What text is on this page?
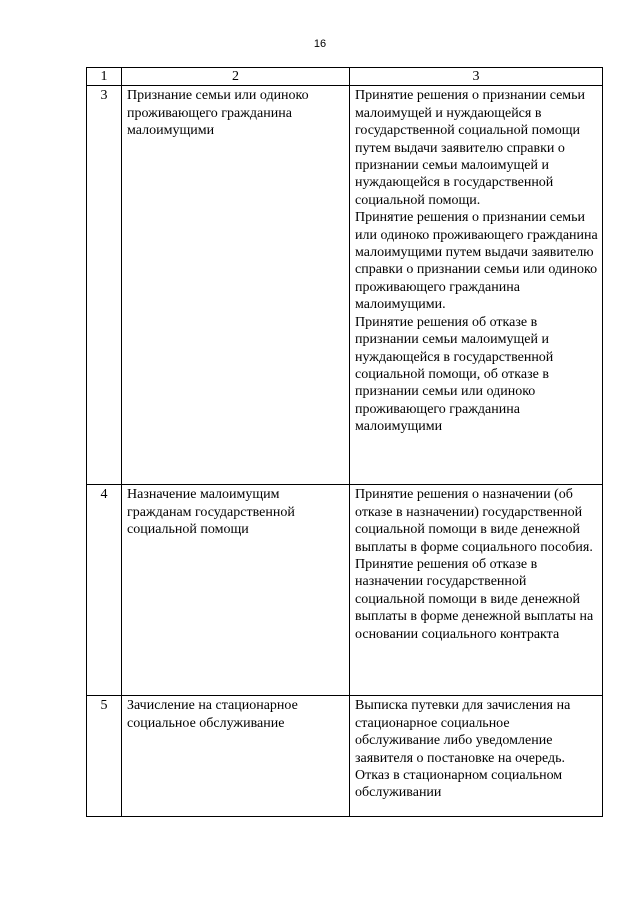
16
1	2	3
3	Признание семьи или одиноко проживающего гражданина малоимущими	Принятие решения о признании семьи малоимущей и нуждающейся в государственной социальной помощи путем выдачи заявителю справки о признании семьи малоимущей и нуждающейся в государственной социальной помощи.
Принятие решения о признании семьи или одиноко проживающего гражданина малоимущими путем выдачи заявителю справки о признании семьи или одиноко проживающего гражданина малоимущими.
Принятие решения об отказе в признании семьи малоимущей и нуждающейся в государственной социальной помощи, об отказе в признании семьи или одиноко проживающего гражданина малоимущими

4	Назначение малоимущим гражданам государственной социальной помощи	Принятие решения о назначении (об отказе в назначении) государственной социальной помощи в виде денежной выплаты в форме социального пособия.
Принятие решения об отказе в назначении государственной социальной помощи в виде денежной выплаты в форме денежной выплаты на основании социального контракта

5	Зачисление на стационарное социальное обслуживание	Выписка путевки для зачисления на стационарное социальное обслуживание либо уведомление заявителя о постановке на очередь.
Отказ в стационарном социальном обслуживании
